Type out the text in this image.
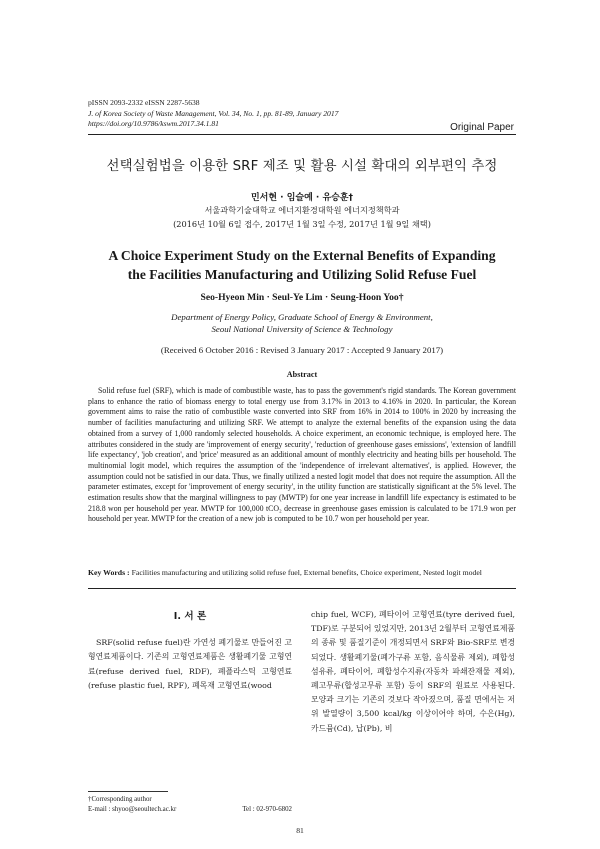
pISSN 2093-2332 eISSN 2287-5638
J. of Korea Society of Waste Management, Vol. 34, No. 1, pp. 81-89, January 2017
https://doi.org/10.9786/kswm.2017.34.1.81	Original Paper
선택실험법을 이용한 SRF 제조 및 활용 시설 확대의 외부편익 추정
민서현 · 임슬예 · 유승훈†
서울과학기술대학교 에너지환경대학원 에너지정책학과
(2016년 10월 6일 접수, 2017년 1월 3일 수정, 2017년 1월 9일 채택)
A Choice Experiment Study on the External Benefits of Expanding
the Facilities Manufacturing and Utilizing Solid Refuse Fuel
Seo-Hyeon Min · Seul-Ye Lim · Seung-Hoon Yoo†
Department of Energy Policy, Graduate School of Energy & Environment,
Seoul National University of Science & Technology
(Received 6 October 2016 : Revised 3 January 2017 : Accepted 9 January 2017)
Abstract

Solid refuse fuel (SRF), which is made of combustible waste, has to pass the government's rigid standards. The Korean government plans to enhance the ratio of biomass energy to total energy use from 3.17% in 2013 to 4.16% in 2020. In particular, the Korean government aims to raise the ratio of combustible waste converted into SRF from 16% in 2014 to 100% in 2020 by increasing the number of facilities manufacturing and utilizing SRF. We attempt to analyze the external benefits of the expansion using the data obtained from a survey of 1,000 randomly selected households. A choice experiment, an economic technique, is employed here. The attributes considered in the study are 'improvement of energy security', 'reduction of greenhouse gases emissions', 'extension of landfill life expectancy', 'job creation', and 'price' measured as an additional amount of monthly electricity and heating bills per household. The multinomial logit model, which requires the assumption of the 'independence of irrelevant alternatives', is applied. However, the assumption could not be satisfied in our data. Thus, we finally utilized a nested logit model that does not require the assumption. All the parameter estimates, except for 'improvement of energy security', in the utility function are statistically significant at the 5% level. The estimation results show that the marginal willingness to pay (MWTP) for one year increase in landfill life expectancy is estimated to be 218.8 won per household per year. MWTP for 100,000 tCO₂ decrease in greenhouse gases emission is calculated to be 171.9 won per household per year. MWTP for the creation of a new job is computed to be 10.7 won per household per year.

Key Words : Facilities manufacturing and utilizing solid refuse fuel, External benefits, Choice experiment, Nested logit model
I. 서 론

SRF(solid refuse fuel)란 가연성 폐기물로 만들어진 고형연료제품이다. 기존의 고형연료제품은 생활폐기물 고형연료(refuse derived fuel, RDF), 폐플라스틱 고형연료(refuse plastic fuel, RPF), 폐목재 고형연료(wood

chip fuel, WCF), 폐타이어 고형연료(tyre derived fuel, TDF)로 구분되어 있었지만, 2013년 2월부터 고형연료제품의 종류 및 품질기준이 개정되면서 SRF와 Bio-SRF로 변경되었다. 생활폐기물(폐가구류 포함, 음식물류 제외), 폐합성섬유류, 폐타이어, 폐합성수지류(자동차 파쇄잔재물 제외), 폐고무류(합성고무류 포함) 등이 SRF의 원료로 사용된다. 모양과 크기는 기존의 것보다 작아졌으며, 품질 면에서는 저위 발열량이 3,500 kcal/kg 이상이어야 하며, 수은(Hg), 카드뮴(Cd), 납(Pb), 비

†Corresponding author
E-mail : shyoo@seoultech.ac.kr	Tel : 02-970-6802
81
